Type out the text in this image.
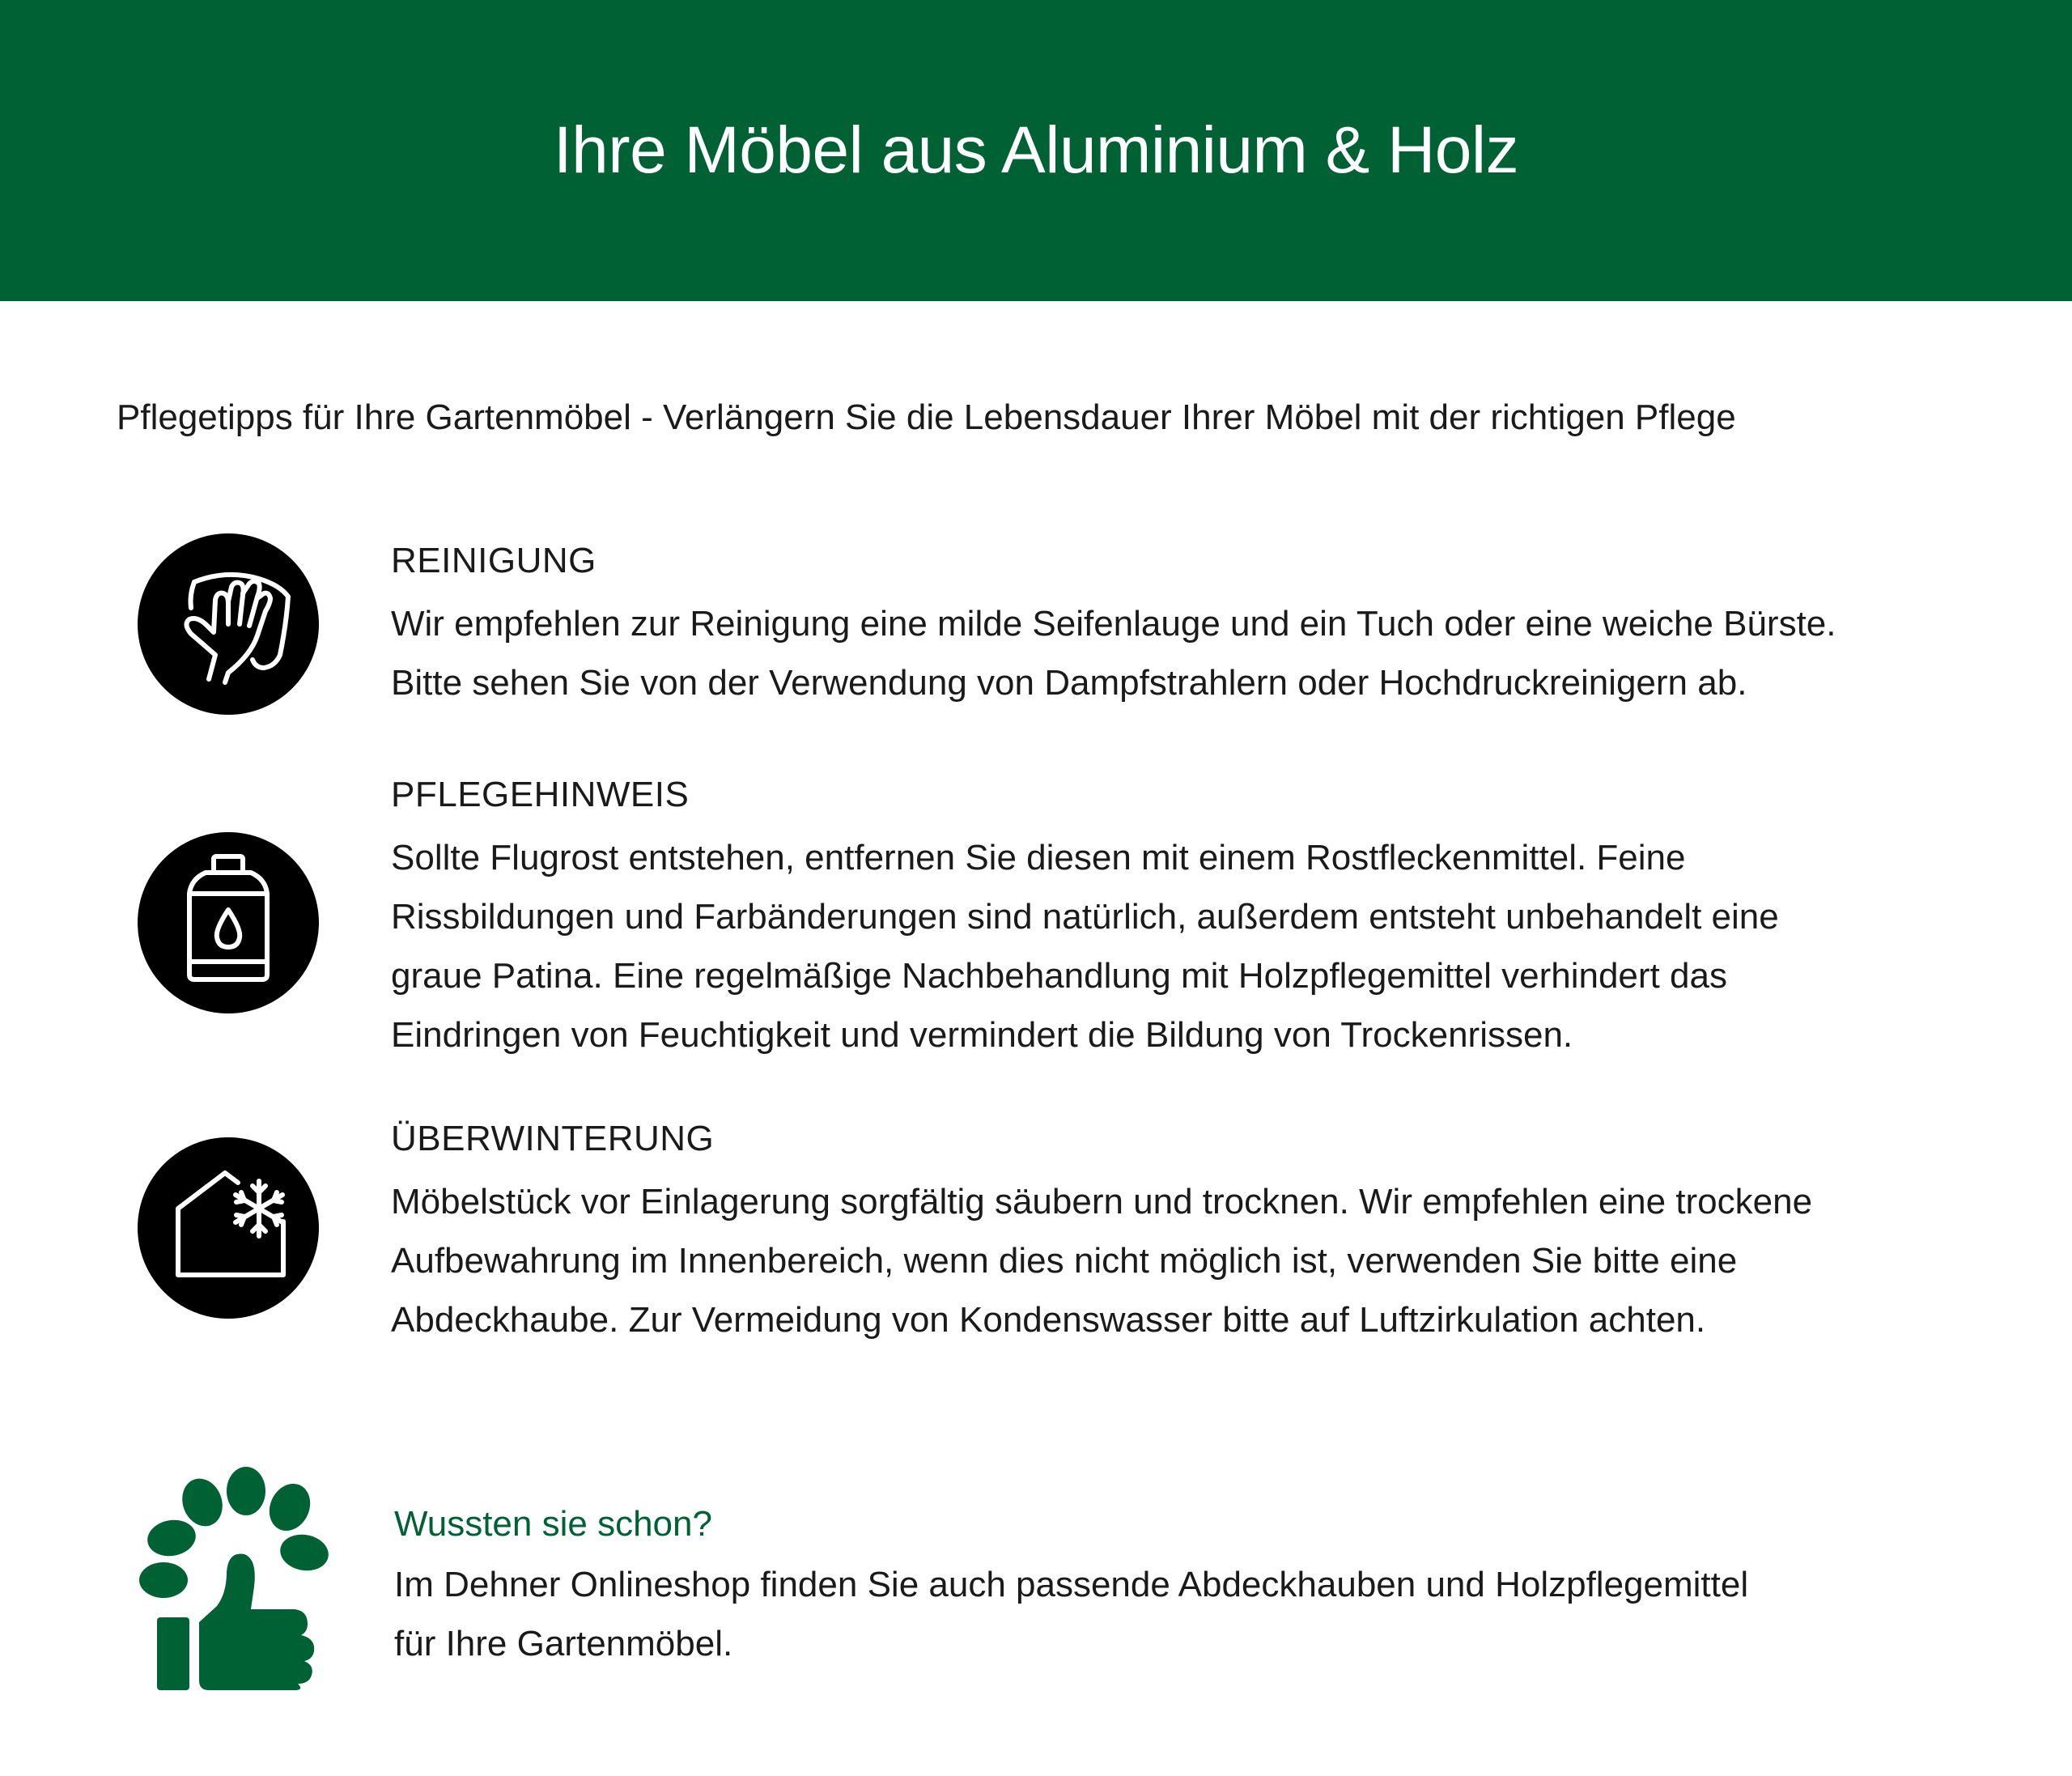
Ihre Möbel aus Aluminium & Holz
Pflegetipps für Ihre Gartenmöbel - Verlängern Sie die Lebensdauer Ihrer Möbel mit der richtigen Pflege
REINIGUNG
Wir empfehlen zur Reinigung eine milde Seifenlauge und ein Tuch oder eine weiche Bürste.
Bitte sehen Sie von der Verwendung von Dampfstrahlern oder Hochdruckreinigern ab.
PFLEGEHINWEIS
Sollte Flugrost entstehen, entfernen Sie diesen mit einem Rostfleckenmittel. Feine
Rissbildungen und Farbänderungen sind natürlich, außerdem entsteht unbehandelt eine
graue Patina. Eine regelmäßige Nachbehandlung mit Holzpflegemittel verhindert das
Eindringen von Feuchtigkeit und vermindert die Bildung von Trockenrissen.
ÜBERWINTERUNG
Möbelstück vor Einlagerung sorgfältig säubern und trocknen. Wir empfehlen eine trockene
Aufbewahrung im Innenbereich, wenn dies nicht möglich ist, verwenden Sie bitte eine
Abdeckhaube. Zur Vermeidung von Kondenswasser bitte auf Luftzirkulation achten.
Wussten sie schon?
Im Dehner Onlineshop finden Sie auch passende Abdeckhauben und Holzpflegemittel
für Ihre Gartenmöbel.
